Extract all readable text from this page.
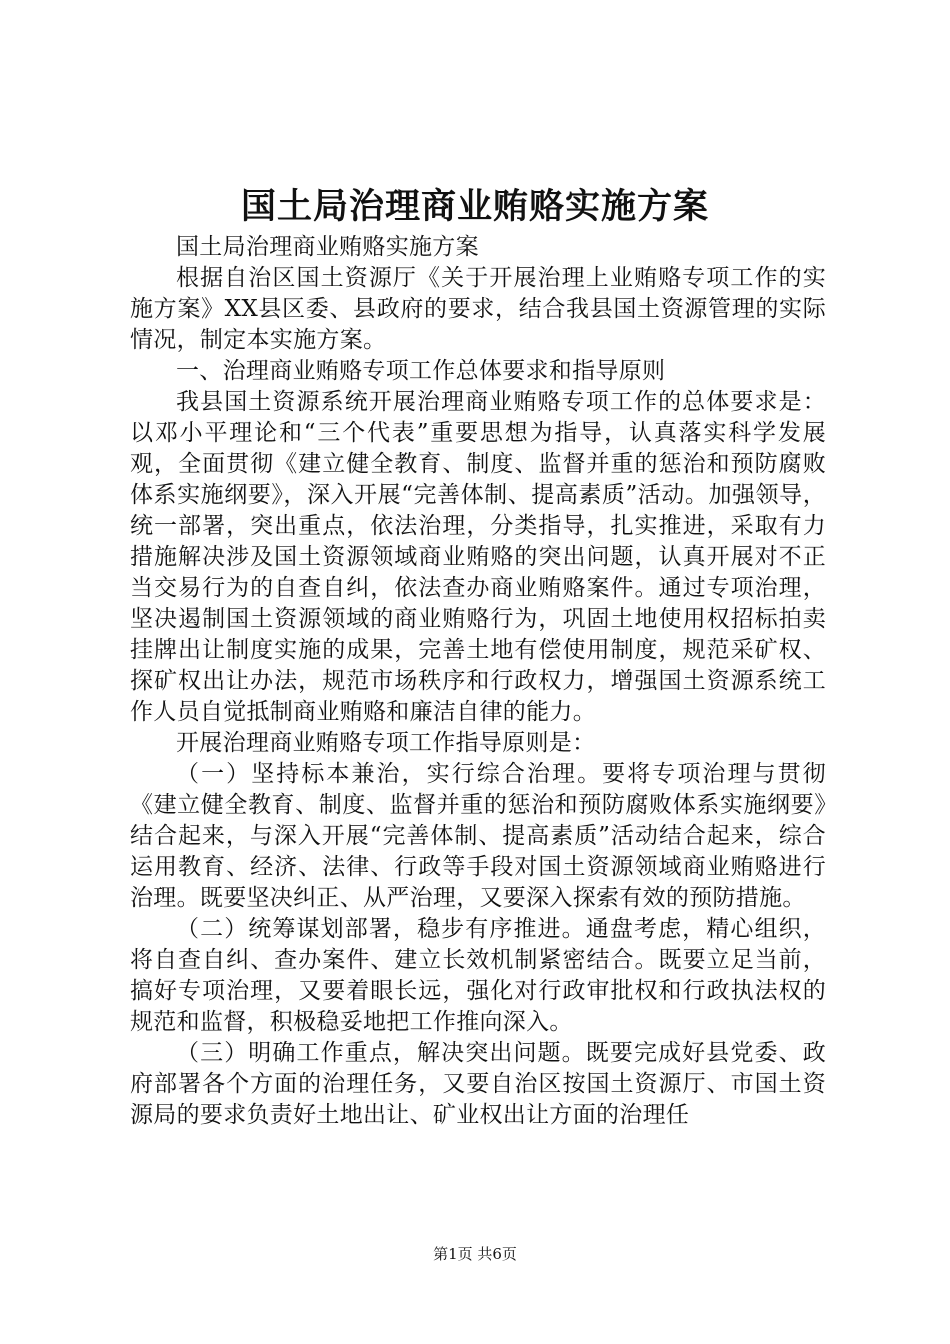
国土局治理商业贿赂实施方案

国土局治理商业贿赂实施方案

根据自治区国土资源厅《关于开展治理上业贿赂专项工作的实施方案》XX县区委、县政府的要求，结合我县国土资源管理的实际情况，制定本实施方案。

一、治理商业贿赂专项工作总体要求和指导原则

我县国土资源系统开展治理商业贿赂专项工作的总体要求是：以邓小平理论和“三个代表”重要思想为指导，认真落实科学发展观，全面贯彻《建立健全教育、制度、监督并重的惩治和预防腐败体系实施纲要》，深入开展“完善体制、提高素质”活动。加强领导，统一部署，突出重点，依法治理，分类指导，扎实推进，采取有力措施解决涉及国土资源领域商业贿赂的突出问题，认真开展对不正当交易行为的自查自纠，依法查办商业贿赂案件。通过专项治理，坚决遏制国土资源领域的商业贿赂行为，巩固土地使用权招标拍卖挂牌出让制度实施的成果，完善土地有偿使用制度，规范采矿权、探矿权出让办法，规范市场秩序和行政权力，增强国土资源系统工作人员自觉抵制商业贿赂和廉洁自律的能力。

开展治理商业贿赂专项工作指导原则是：

（一）坚持标本兼治，实行综合治理。要将专项治理与贯彻《建立健全教育、制度、监督并重的惩治和预防腐败体系实施纲要》结合起来，与深入开展“完善体制、提高素质”活动结合起来，综合运用教育、经济、法律、行政等手段对国土资源领域商业贿赂进行治理。既要坚决纠正、从严治理，又要深入探索有效的预防措施。

（二）统筹谋划部署，稳步有序推进。通盘考虑，精心组织，将自查自纠、查办案件、建立长效机制紧密结合。既要立足当前，搞好专项治理，又要着眼长远，强化对行政审批权和行政执法权的规范和监督，积极稳妥地把工作推向深入。

（三）明确工作重点，解决突出问题。既要完成好县党委、政府部署各个方面的治理任务，又要自治区按国土资源厅、市国土资源局的要求负责好土地出让、矿业权出让方面的治理任

第1页 共6页
